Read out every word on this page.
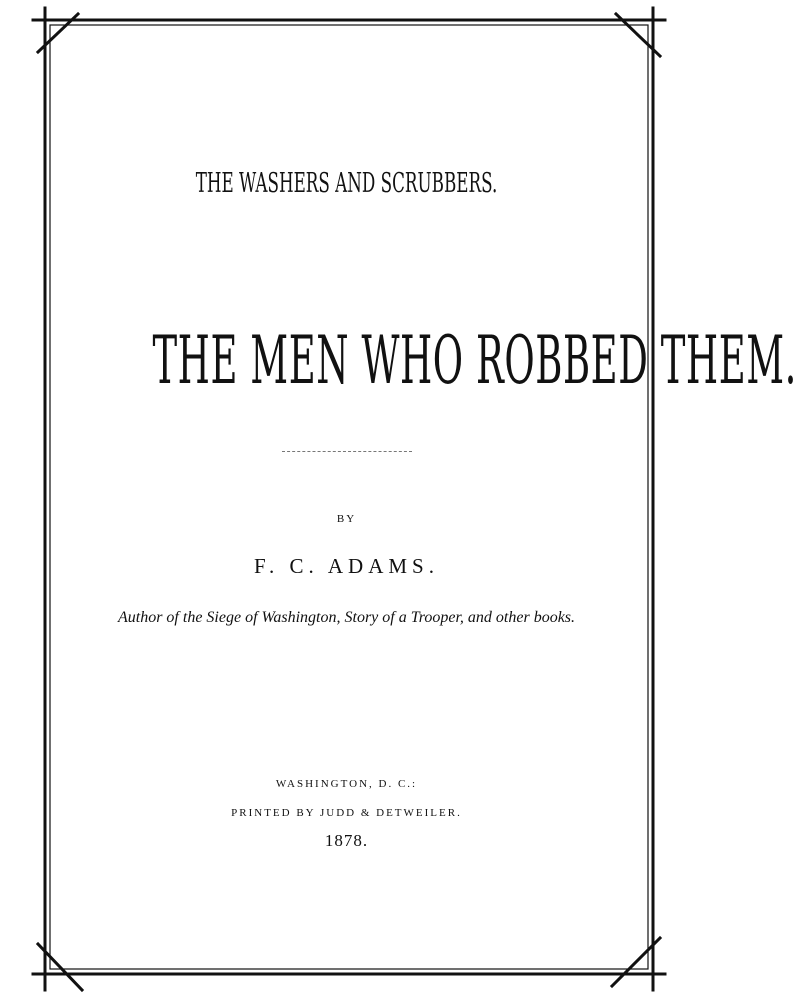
THE WASHERS AND SCRUBBERS.
THE MEN WHO ROBBED THEM.
BY
F. C. ADAMS.
Author of the Siege of Washington, Story of a Trooper, and other books.
WASHINGTON, D. C.:
PRINTED BY JUDD & DETWEILER.
1878.
